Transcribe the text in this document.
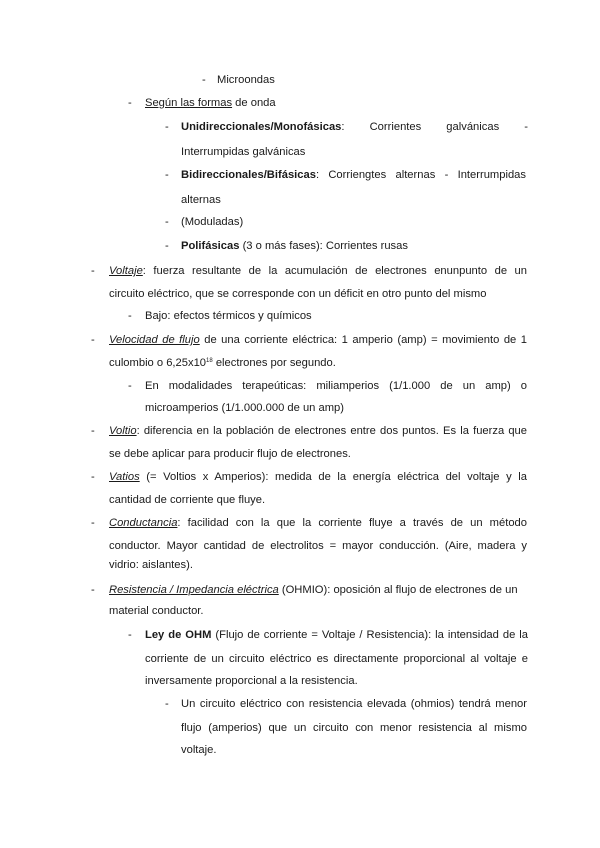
- Microondas
- Según las formas de onda
- Unidireccionales/Monofásicas: Corrientes galvánicas -
Interrumpidas galvánicas
- Bidireccionales/Bifásicas: Corriengtes alternas - Interrumpidas
alternas
- (Moduladas)
- Polifásicas (3 o más fases): Corrientes rusas
- Voltaje: fuerza resultante de la acumulación de electrones enunpunto de un
circuito eléctrico, que se corresponde con un déficit en otro punto del mismo
- Bajo: efectos térmicos y químicos
- Velocidad de flujo de una corriente eléctrica: 1 amperio (amp) = movimiento de 1
culombio o $6,25x10^{18}$ electrones por segundo.
- En modalidades terapeúticas: miliamperios (1/1.000 de un amp) o
microamperios (1/1.000.000 de un amp)
- Voltio: diferencia en la población de electrones entre dos puntos. Es la fuerza que
se debe aplicar para producir flujo de electrones.
- Vatios (= Voltios x Amperios): medida de la energía eléctrica del voltaje y la
cantidad de corriente que fluye.
- Conductancia: facilidad con la que la corriente fluye a través de un método
conductor. Mayor cantidad de electrolitos = mayor conducción. (Aire, madera y
vidrio: aislantes).
- Resistencia / Impedancia eléctrica (OHMIO): oposición al flujo de electrones de un
material conductor.
- Ley de OHM (Flujo de corriente = Voltaje / Resistencia): la intensidad de la
corriente de un circuito eléctrico es directamente proporcional al voltaje e
inversamente proporcional a la resistencia.
- Un circuito eléctrico con resistencia elevada (ohmios) tendrá menor
flujo (amperios) que un circuito con menor resistencia al mismo
voltaje.
